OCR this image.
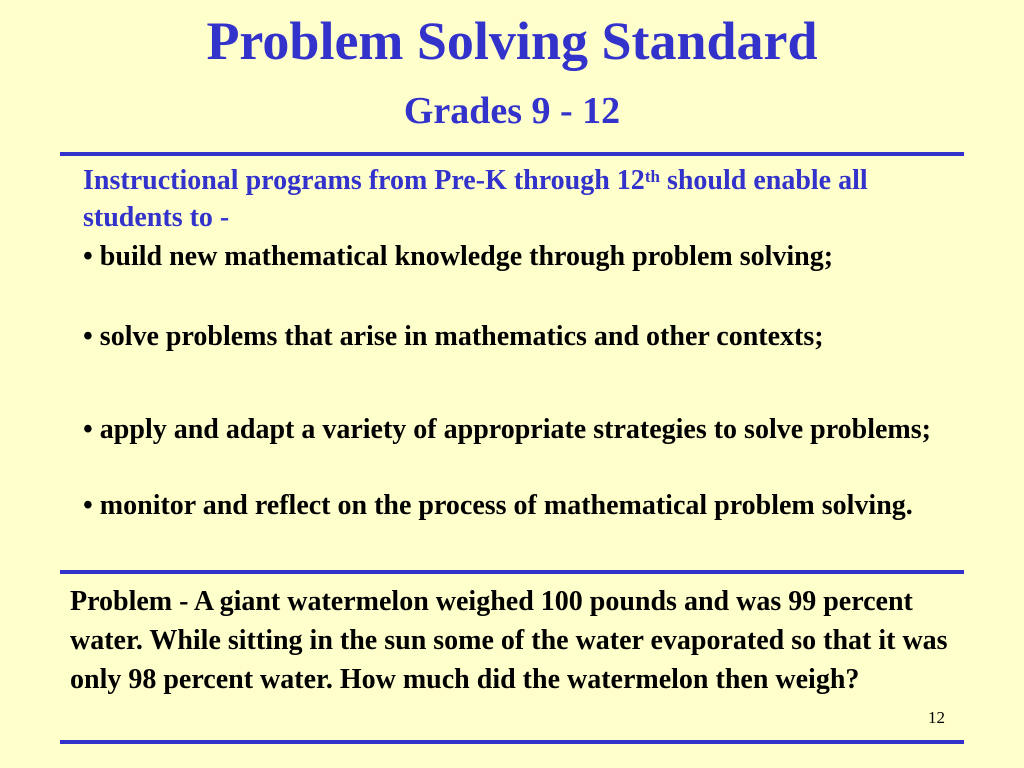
Problem Solving Standard
Grades 9 - 12
Instructional programs from Pre-K through 12th should enable all students to -
• build new mathematical knowledge through problem solving;
• solve problems that arise in mathematics and other contexts;
• apply and adapt a variety of appropriate strategies to solve problems;
• monitor and reflect on the process of mathematical problem solving.
Problem - A giant watermelon weighed 100 pounds and was 99 percent water. While sitting in the sun some of the water evaporated so that it was only 98 percent water. How much did the watermelon then weigh?
12
